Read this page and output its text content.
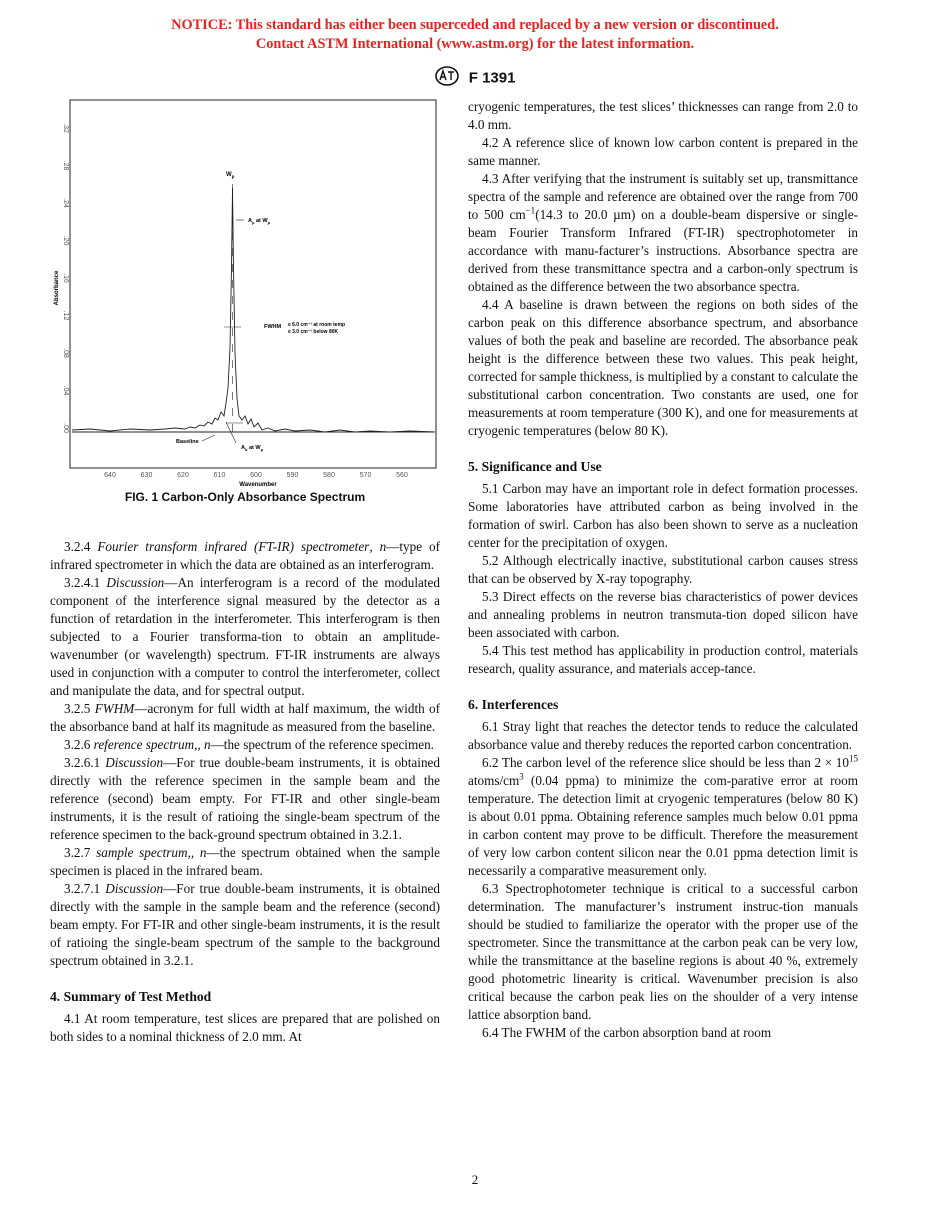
NOTICE: This standard has either been superceded and replaced by a new version or discontinued.
Contact ASTM International (www.astm.org) for the latest information.
F 1391
Absorbance
.00
.04
.08
.12
.16
.20
.24
.28
.32
640	630	620	610	600	590	580	570	560
Wavenumber
$W_p$
$A_p$ at $W_p$
FWHM ≤ 6.0 cm⁻¹ at room temp
≤ 3.0 cm⁻¹ below 80K
Baseline
$A_b$ at $W_p$
FIG. 1 Carbon-Only Absorbance Spectrum

3.2.4 Fourier transform infrared (FT-IR) spectrometer, n—type of infrared spectrometer in which the data are obtained as an interferogram.

3.2.4.1 Discussion—An interferogram is a record of the modulated component of the interference signal measured by the detector as a function of retardation in the interferometer. This interferogram is then subjected to a Fourier transforma-tion to obtain an amplitude-wavenumber (or wavelength) spectrum. FT-IR instruments are always used in conjunction with a computer to control the interferometer, collect and manipulate the data, and for spectral output.

3.2.5 FWHM—acronym for full width at half maximum, the width of the absorbance band at half its magnitude as measured from the baseline.

3.2.6 reference spectrum,, n—the spectrum of the reference specimen.

3.2.6.1 Discussion—For true double-beam instruments, it is obtained directly with the reference specimen in the sample beam and the reference (second) beam empty. For FT-IR and other single-beam instruments, it is the result of ratioing the single-beam spectrum of the reference specimen to the back-ground spectrum obtained in 3.2.1.

3.2.7 sample spectrum,, n—the spectrum obtained when the sample specimen is placed in the infrared beam.

3.2.7.1 Discussion—For true double-beam instruments, it is obtained directly with the sample in the sample beam and the reference (second) beam empty. For FT-IR and other single-beam instruments, it is the result of ratioing the single-beam spectrum of the sample to the background spectrum obtained in 3.2.1.

4. Summary of Test Method

4.1 At room temperature, test slices are prepared that are polished on both sides to a nominal thickness of 2.0 mm. At

cryogenic temperatures, the test slices’ thicknesses can range from 2.0 to 4.0 mm.

4.2 A reference slice of known low carbon content is prepared in the same manner.

4.3 After verifying that the instrument is suitably set up, transmittance spectra of the sample and reference are obtained over the range from 700 to 500 $cm^{-1}(14.3$ to 20.0 µm) on a double-beam dispersive or single-beam Fourier Transform Infrared (FT-IR) spectrophotometer in accordance with manu-facturer’s instructions. Absorbance spectra are derived from these transmittance spectra and a carbon-only spectrum is obtained as the difference between the two absorbance spectra.

4.4 A baseline is drawn between the regions on both sides of the carbon peak on this difference absorbance spectrum, and absorbance values of both the peak and baseline are recorded. The absorbance peak height is the difference between these two values. This peak height, corrected for sample thickness, is multiplied by a constant to calculate the substitutional carbon concentration. Two constants are used, one for measurements at room temperature (300 K), and one for measurements at cryogenic temperatures (below 80 K).

5. Significance and Use

5.1 Carbon may have an important role in defect formation processes. Some laboratories have attributed carbon as being involved in the formation of swirl. Carbon has also been shown to serve as a nucleation center for the precipitation of oxygen.

5.2 Although electrically inactive, substitutional carbon causes stress that can be observed by X-ray topography.

5.3 Direct effects on the reverse bias characteristics of power devices and annealing problems in neutron transmuta-tion doped silicon have been associated with carbon.

5.4 This test method has applicability in production control, materials research, quality assurance, and materials accep-tance.

6. Interferences

6.1 Stray light that reaches the detector tends to reduce the calculated absorbance value and thereby reduces the reported carbon concentration.

6.2 The carbon level of the reference slice should be less than $2 \times 10^{15}$ atoms/$cm^3$ (0.04 ppma) to minimize the com-parative error at room temperature. The detection limit at cryogenic temperatures (below 80 K) is about 0.01 ppma. Obtaining reference samples much below 0.01 ppma in carbon content may prove to be difficult. Therefore the measurement of very low carbon content silicon near the 0.01 ppma detection limit is necessarily a comparative measurement only.

6.3 Spectrophotometer technique is critical to a successful carbon determination. The manufacturer’s instrument instruc-tion manuals should be studied to familiarize the operator with the proper use of the spectrometer. Since the transmittance at the carbon peak can be very low, while the transmittance at the baseline regions is about 40 %, extremely good photometric linearity is critical. Wavenumber precision is also critical because the carbon peak lies on the shoulder of a very intense lattice absorption band.

6.4 The FWHM of the carbon absorption band at room

2
